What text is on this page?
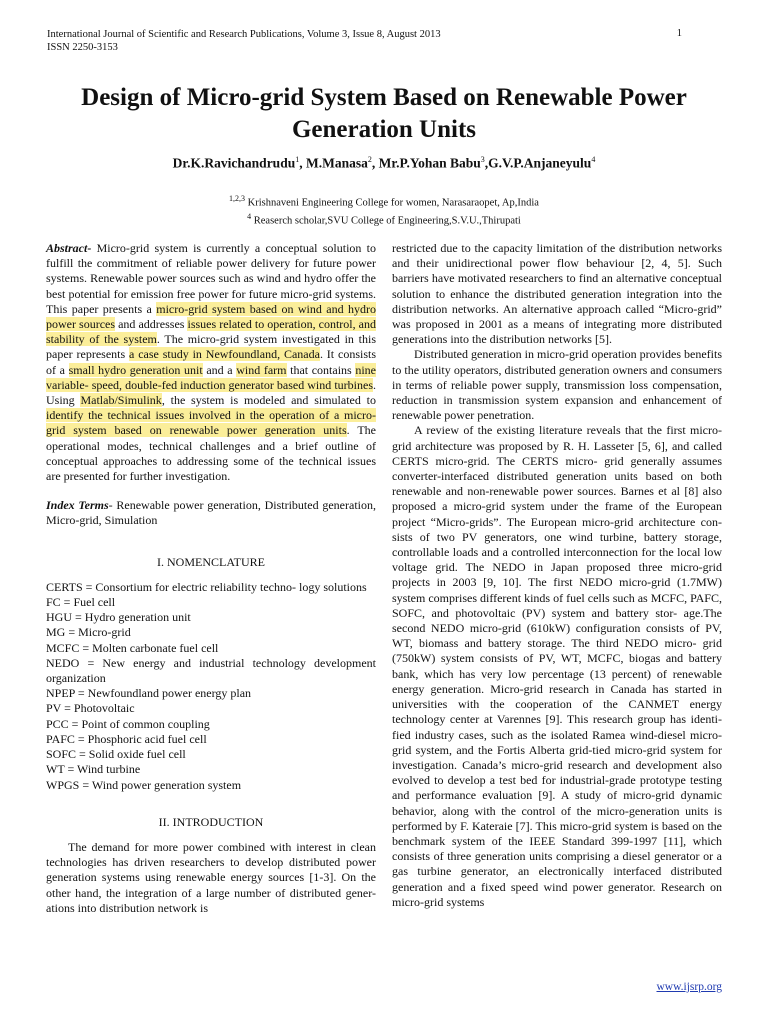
International Journal of Scientific and Research Publications, Volume 3, Issue 8, August 2013
ISSN 2250-3153
1
Design of Micro-grid System Based on Renewable Power Generation Units
Dr.K.Ravichandrudu$^1$, M.Manasa$^2$, Mr.P.Yohan Babu$^3$,G.V.P.Anjaneyulu$^4$
$^{1,2,3}$ Krishnaveni Engineering College for women, Narasaraopet, Ap,India
$^4$ Reaserch scholar,SVU College of Engineering,S.V.U.,Thirupati

Abstract- Micro-grid system is currently a conceptual solution to fulfill the commitment of reliable power delivery for future power systems. Renewable power sources such as wind and hydro offer the best potential for emission free power for future micro-grid systems. This paper presents a micro-grid system based on wind and hydro power sources and addresses issues related to operation, control, and stability of the system. The micro-grid system investigated in this paper represents a case study in Newfoundland, Canada. It consists of a small hydro generation unit and a wind farm that contains nine variable- speed, double-fed induction generator based wind turbines. Using Matlab/Simulink, the system is modeled and simulated to identify the technical issues involved in the operation of a micro-grid system based on renewable power generation units. The operational modes, technical challenges and a brief outline of conceptual approaches to addressing some of the technical issues are presented for further investigation.

Index Terms- Renewable power generation, Distributed generation, Micro-grid, Simulation

I. NOMENCLATURE
CERTS = Consortium for electric reliability techno- logy solutions
FC = Fuel cell
HGU = Hydro generation unit
MG = Micro-grid
MCFC = Molten carbonate fuel cell
NEDO = New energy and industrial technology development organization
NPEP = Newfoundland power energy plan
PV = Photovoltaic
PCC = Point of common coupling
PAFC = Phosphoric acid fuel cell
SOFC = Solid oxide fuel cell
WT = Wind turbine
WPGS = Wind power generation system
II. INTRODUCTION

The demand for more power combined with interest in clean technologies has driven researchers to develop distributed power generation systems using renewable energy sources [1-3]. On the other hand, the integration of a large number of distributed gener- ations into distribution network is

restricted due to the capacity limitation of the distribution networks and their unidirectional power flow behaviour [2, 4, 5]. Such barriers have motivated researchers to find an alternative conceptual solution to enhance the distributed generation integration into the distribution networks. An alternative approach called “Micro-grid” was proposed in 2001 as a means of integrating more distributed generations into the distribution networks [5].

Distributed generation in micro-grid operation provides benefits to the utility operators, distributed generation owners and consumers in terms of reliable power supply, transmission loss compensation, reduction in transmission system expansion and enhancement of renewable power penetration.

A review of the existing literature reveals that the first micro-grid architecture was proposed by R. H. Lasseter [5, 6], and called CERTS micro-grid. The CERTS micro- grid generally assumes converter-interfaced distributed generation units based on both renewable and non-renewable power sources. Barnes et al [8] also proposed a micro-grid system under the frame of the European project “Micro-grids”. The European micro-grid architecture con- sists of two PV generators, one wind turbine, battery storage, controllable loads and a controlled interconnection for the local low voltage grid. The NEDO in Japan proposed three micro-grid projects in 2003 [9, 10]. The first NEDO micro-grid (1.7MW) system comprises different kinds of fuel cells such as MCFC, PAFC, SOFC, and photovoltaic (PV) system and battery stor- age.The second NEDO micro-grid (610kW) configuration consists of PV, WT, biomass and battery storage. The third NEDO micro- grid (750kW) system consists of PV, WT, MCFC, biogas and battery bank, which has very low percentage (13 percent) of renewable energy generation. Micro-grid research in Canada has started in universities with the cooperation of the CANMET energy technology center at Varennes [9]. This research group has identi- fied industry cases, such as the isolated Ramea wind-diesel micro- grid system, and the Fortis Alberta grid-tied micro-grid system for investigation. Canada’s micro-grid research and development also evolved to develop a test bed for industrial-grade prototype testing and performance evaluation [9]. A study of micro-grid dynamic behavior, along with the control of the micro-generation units is performed by F. Kateraie [7]. This micro-grid system is based on the benchmark system of the IEEE Standard 399-1997 [11], which consists of three generation units comprising a diesel generator or a gas turbine generator, an electronically interfaced distributed generation and a fixed speed wind power generator. Research on micro-grid systems

www.ijsrp.org
